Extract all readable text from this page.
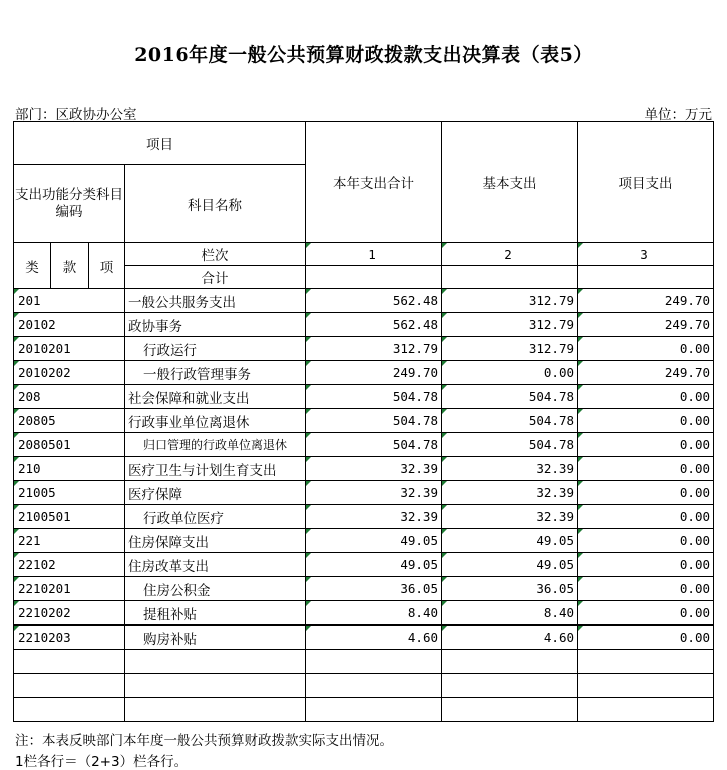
2016年度一般公共预算财政拨款支出决算表（表5）
部门：区政协办公室	单位：万元
项目				本年支出合计	基本支出	项目支出
支出功能分类科目编码			科目名称			
类	款	项	栏次	1	2	3
			合计			
201			一般公共服务支出	562.48	312.79	249.70
20102			政协事务	562.48	312.79	249.70
2010201			行政运行	312.79	312.79	0.00
2010202			一般行政管理事务	249.70	0.00	249.70
208			社会保障和就业支出	504.78	504.78	0.00
20805			行政事业单位离退休	504.78	504.78	0.00
2080501			归口管理的行政单位离退休	504.78	504.78	0.00
210			医疗卫生与计划生育支出	32.39	32.39	0.00
21005			医疗保障	32.39	32.39	0.00
2100501			行政单位医疗	32.39	32.39	0.00
221			住房保障支出	49.05	49.05	0.00
22102			住房改革支出	49.05	49.05	0.00
2210201			住房公积金	36.05	36.05	0.00
2210202			提租补贴	8.40	8.40	0.00
2210203			购房补贴	4.60	4.60	0.00

注：本表反映部门本年度一般公共预算财政拨款实际支出情况。
1栏各行＝（2+3）栏各行。
